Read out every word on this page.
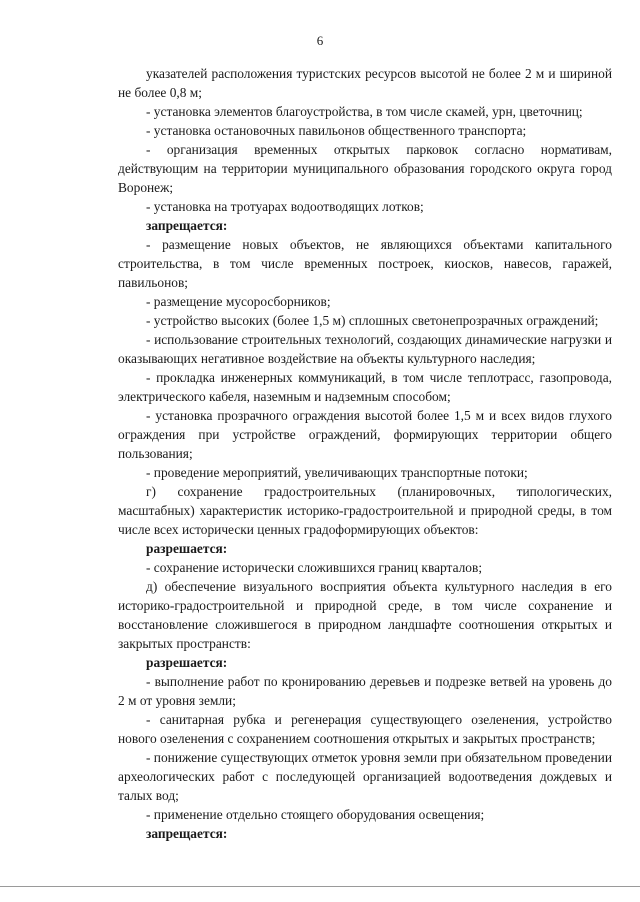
6

указателей расположения туристских ресурсов высотой не более 2 м и шириной не более 0,8 м;

- установка элементов благоустройства, в том числе скамей, урн, цветочниц;

- установка остановочных павильонов общественного транспорта;

- организация временных открытых парковок согласно нормативам, действующим на территории муниципального образования городского округа город Воронеж;

- установка на тротуарах водоотводящих лотков;

запрещается:

- размещение новых объектов, не являющихся объектами капитального строительства, в том числе временных построек, киосков, навесов, гаражей, павильонов;

- размещение мусоросборников;

- устройство высоких (более 1,5 м) сплошных светонепрозрачных ограждений;

- использование строительных технологий, создающих динамические нагрузки и оказывающих негативное воздействие на объекты культурного наследия;

- прокладка инженерных коммуникаций, в том числе теплотрасс, газопровода, электрического кабеля, наземным и надземным способом;

- установка прозрачного ограждения высотой более 1,5 м и всех видов глухого ограждения при устройстве ограждений, формирующих территории общего пользования;

- проведение мероприятий, увеличивающих транспортные потоки;

г) сохранение градостроительных (планировочных, типологических, масштабных) характеристик историко-градостроительной и природной среды, в том числе всех исторически ценных градоформирующих объектов:

разрешается:

- сохранение исторически сложившихся границ кварталов;

д) обеспечение визуального восприятия объекта культурного наследия в его историко-градостроительной и природной среде, в том числе сохранение и восстановление сложившегося в природном ландшафте соотношения открытых и закрытых пространств:

разрешается:

- выполнение работ по кронированию деревьев и подрезке ветвей на уровень до 2 м от уровня земли;

- санитарная рубка и регенерация существующего озеленения, устройство нового озеленения с сохранением соотношения открытых и закрытых пространств;

- понижение существующих отметок уровня земли при обязательном проведении археологических работ с последующей организацией водоотведения дождевых и талых вод;

- применение отдельно стоящего оборудования освещения;

запрещается:
